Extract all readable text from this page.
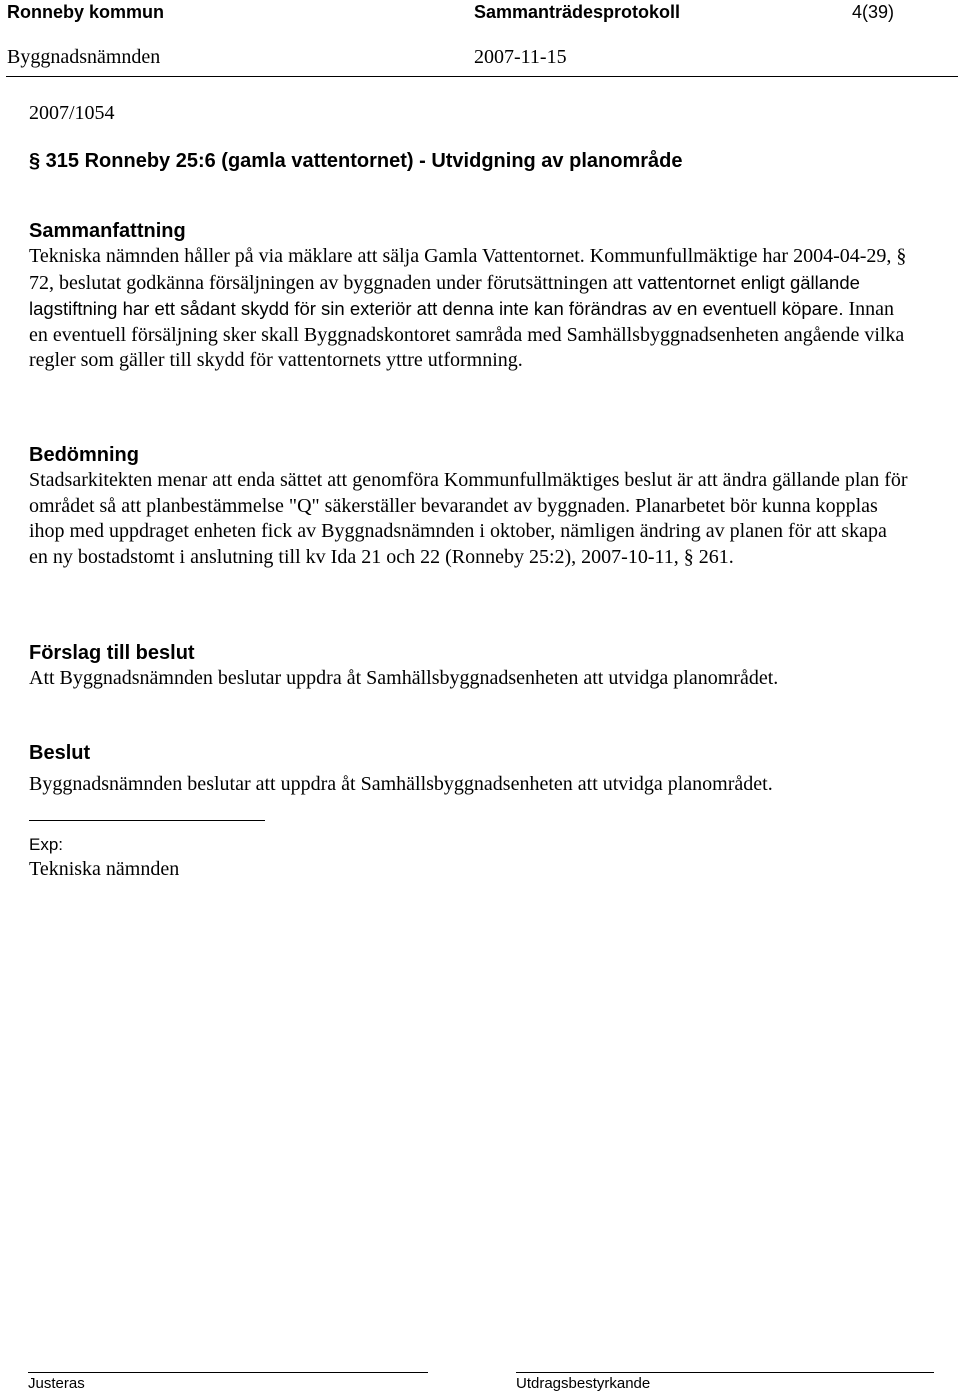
Ronneby kommun	Sammanträdesprotokoll	4(39)
Byggnadsnämnden	2007-11-15
2007/1054
§ 315 Ronneby 25:6 (gamla vattentornet) - Utvidgning av planområde

Sammanfattning

Tekniska nämnden håller på via mäklare att sälja Gamla Vattentornet. Kommunfullmäktige har 2004-04-29, § 72, beslutat godkänna försäljningen av byggnaden under förutsättningen att vattentornet enligt gällande lagstiftning har ett sådant skydd för sin exteriör att denna inte kan förändras av en eventuell köpare. Innan en eventuell försäljning sker skall Byggnadskontoret samråda med Samhällsbyggnadsenheten angående vilka regler som gäller till skydd för vattentornets yttre utformning.

Bedömning

Stadsarkitekten menar att enda sättet att genomföra Kommunfullmäktiges beslut är att ändra gällande plan för området så att planbestämmelse "Q" säkerställer bevarandet av byggnaden. Planarbetet bör kunna kopplas ihop med uppdraget enheten fick av Byggnadsnämnden i oktober, nämligen ändring av planen för att skapa en ny bostadstomt i anslutning till kv Ida 21 och 22 (Ronneby 25:2), 2007-10-11, § 261.

Förslag till beslut

Att Byggnadsnämnden beslutar uppdra åt Samhällsbyggnadsenheten att utvidga planområdet.

Beslut

Byggnadsnämnden beslutar att uppdra åt Samhällsbyggnadsenheten att utvidga planområdet.

Exp:
Tekniska nämnden
Justeras	Utdragsbestyrkande
